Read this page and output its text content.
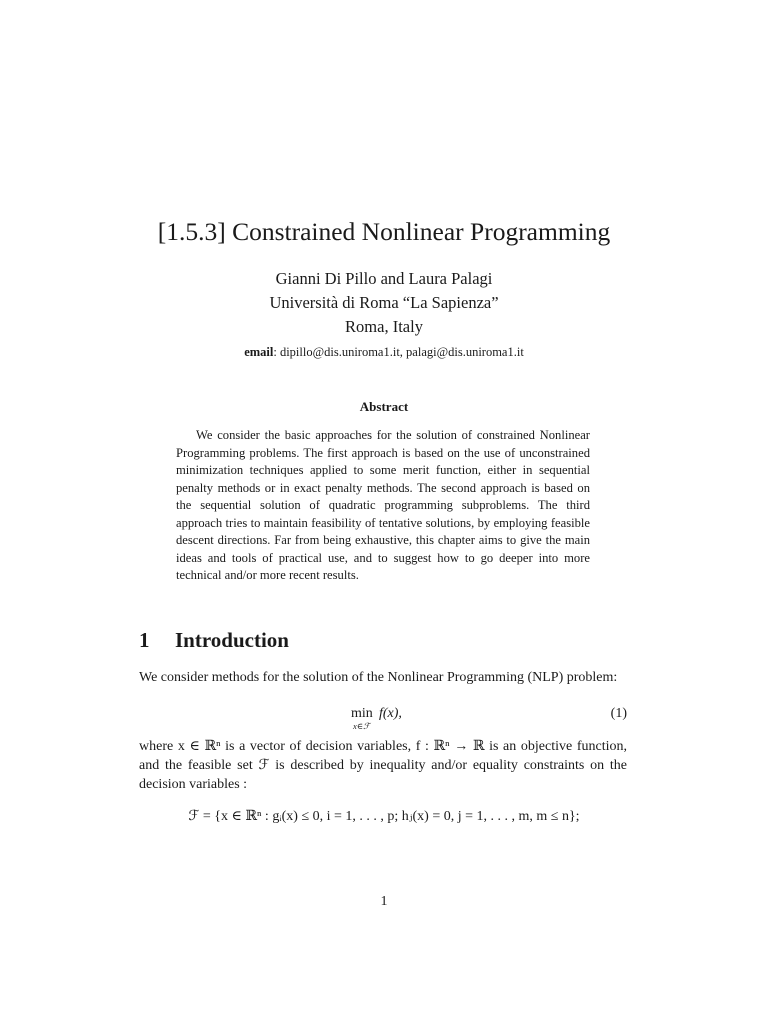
[1.5.3] Constrained Nonlinear Programming
Gianni Di Pillo and Laura Palagi
Università di Roma “La Sapienza”
Roma, Italy
email: dipillo@dis.uniroma1.it, palagi@dis.uniroma1.it
Abstract

We consider the basic approaches for the solution of constrained Nonlinear Programming problems. The first approach is based on the use of unconstrained minimization techniques applied to some merit function, either in sequential penalty methods or in exact penalty methods. The second approach is based on the sequential solution of quadratic programming subproblems. The third approach tries to maintain feasibility of tentative solutions, by employing feasible descent directions. Far from being exhaustive, this chapter aims to give the main ideas and tools of practical use, and to suggest how to go deeper into more technical and/or more recent results.

1 Introduction

We consider methods for the solution of the Nonlinear Programming (NLP) problem:

min
x∈ℱ
f(x),	(1)

where x ∈ ℝⁿ is a vector of decision variables, f : ℝⁿ → ℝ is an objective function, and the feasible set ℱ is described by inequality and/or equality constraints on the decision variables :

ℱ = {x ∈ ℝⁿ : gᵢ(x) ≤ 0, i = 1, . . . , p; hⱼ(x) = 0, j = 1, . . . , m, m ≤ n};
1
